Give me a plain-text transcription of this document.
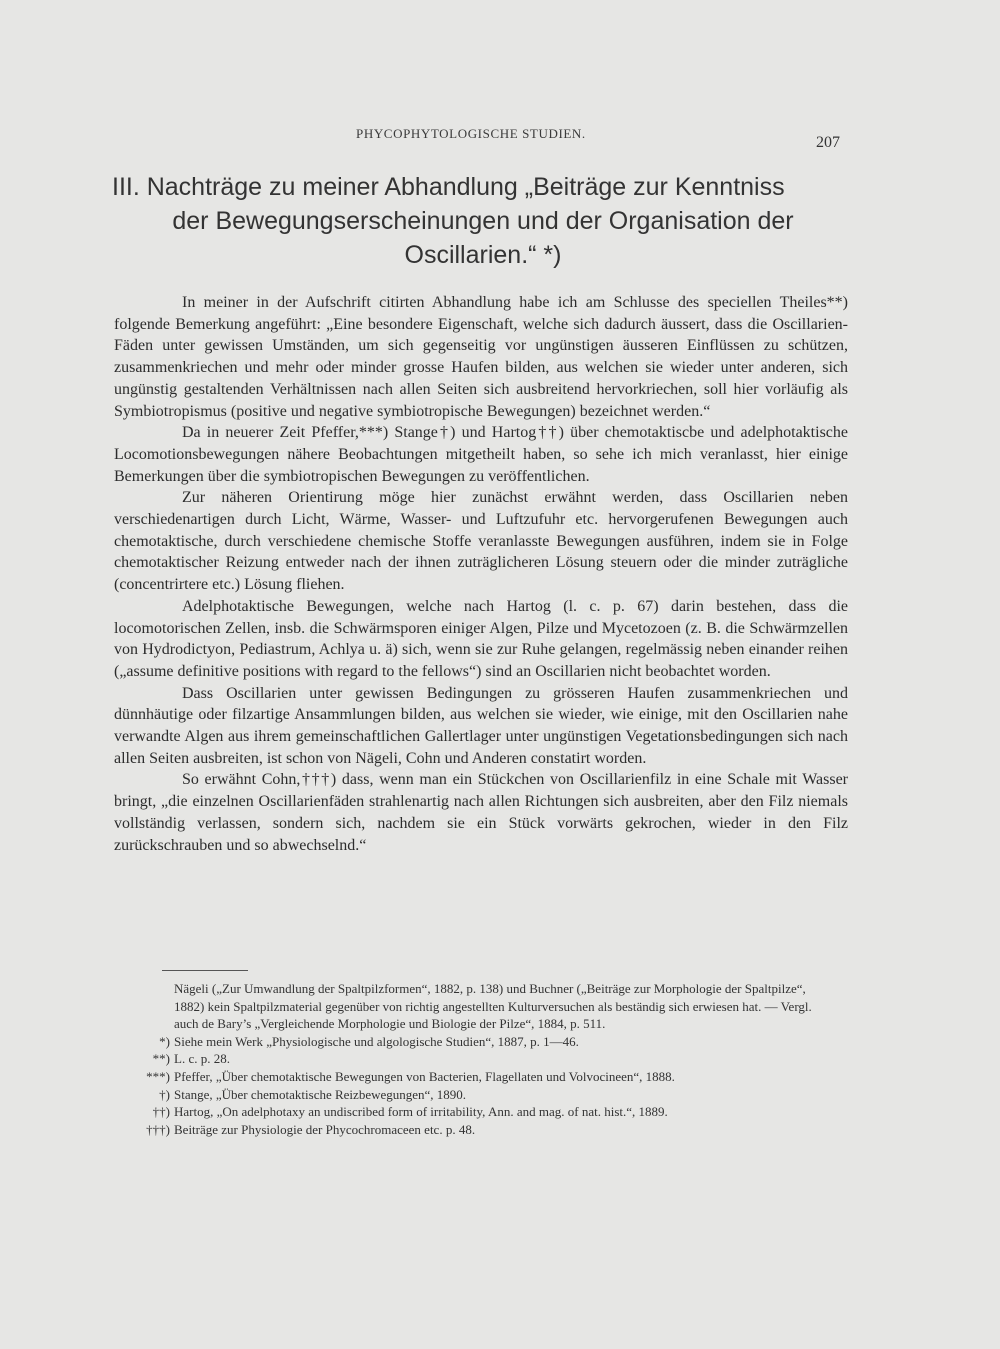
PHYCOPHYTOLOGISCHE STUDIEN.
207
III. Nachträge zu meiner Abhandlung „Beiträge zur Kenntniss
der Bewegungserscheinungen und der Organisation der
Oscillarien.“ *)

In meiner in der Aufschrift citirten Abhandlung habe ich am Schlusse des speciellen Theiles**) folgende Bemerkung angeführt: „Eine besondere Eigenschaft, welche sich dadurch äussert, dass die Oscillarien-Fäden unter gewissen Umständen, um sich gegenseitig vor ungünstigen äusseren Einflüssen zu schützen, zusammenkriechen und mehr oder minder grosse Haufen bilden, aus welchen sie wieder unter anderen, sich ungünstig gestaltenden Verhältnissen nach allen Seiten sich ausbreitend hervorkriechen, soll hier vorläufig als Symbiotropismus (positive und negative symbiotropische Bewegungen) bezeichnet werden.“

Da in neuerer Zeit Pfeffer,***) Stange†) und Hartog††) über chemotaktiscbe und adelphotaktische Locomotionsbewegungen nähere Beobachtungen mitgetheilt haben, so sehe ich mich veranlasst, hier einige Bemerkungen über die symbiotropischen Bewegungen zu veröffentlichen.

Zur näheren Orientirung möge hier zunächst erwähnt werden, dass Oscillarien neben verschiedenartigen durch Licht, Wärme, Wasser- und Luftzufuhr etc. hervorgerufenen Bewegungen auch chemotaktische, durch verschiedene chemische Stoffe veranlasste Bewegungen ausführen, indem sie in Folge chemotaktischer Reizung entweder nach der ihnen zuträglicheren Lösung steuern oder die minder zuträgliche (concentrirtere etc.) Lösung fliehen.

Adelphotaktische Bewegungen, welche nach Hartog (l. c. p. 67) darin bestehen, dass die locomotorischen Zellen, insb. die Schwärmsporen einiger Algen, Pilze und Mycetozoen (z. B. die Schwärmzellen von Hydrodictyon, Pediastrum, Achlya u. ä) sich, wenn sie zur Ruhe gelangen, regelmässig neben einander reihen („assume definitive positions with regard to the fellows“) sind an Oscillarien nicht beobachtet worden.

Dass Oscillarien unter gewissen Bedingungen zu grösseren Haufen zusammenkriechen und dünnhäutige oder filzartige Ansammlungen bilden, aus welchen sie wieder, wie einige, mit den Oscillarien nahe verwandte Algen aus ihrem gemeinschaftlichen Gallertlager unter ungünstigen Vegetationsbedingungen sich nach allen Seiten ausbreiten, ist schon von Nägeli, Cohn und Anderen constatirt worden.

So erwähnt Cohn,†††) dass, wenn man ein Stückchen von Oscillarienfilz in eine Schale mit Wasser bringt, „die einzelnen Oscillarienfäden strahlenartig nach allen Richtungen sich ausbreiten, aber den Filz niemals vollständig verlassen, sondern sich, nachdem sie ein Stück vorwärts gekrochen, wieder in den Filz zurückschrauben und so abwechselnd.“

Nägeli („Zur Umwandlung der Spaltpilzformen“, 1882, p. 138) und Buchner („Beiträge zur Morphologie der Spaltpilze“, 1882) kein Spaltpilzmaterial gegenüber von richtig angestellten Kulturversuchen als beständig sich erwiesen hat. — Vergl. auch de Bary’s „Vergleichende Morphologie und Biologie der Pilze“, 1884, p. 511.
*) Siehe mein Werk „Physiologische und algologische Studien“, 1887, p. 1—46.
**) L. c. p. 28.
***) Pfeffer, „Über chemotaktische Bewegungen von Bacterien, Flagellaten und Volvocineen“, 1888.
†) Stange, „Über chemotaktische Reizbewegungen“, 1890.
††) Hartog, „On adelphotaxy an undiscribed form of irritability, Ann. and mag. of nat. hist.“, 1889.
†††) Beiträge zur Physiologie der Phycochromaceen etc. p. 48.
